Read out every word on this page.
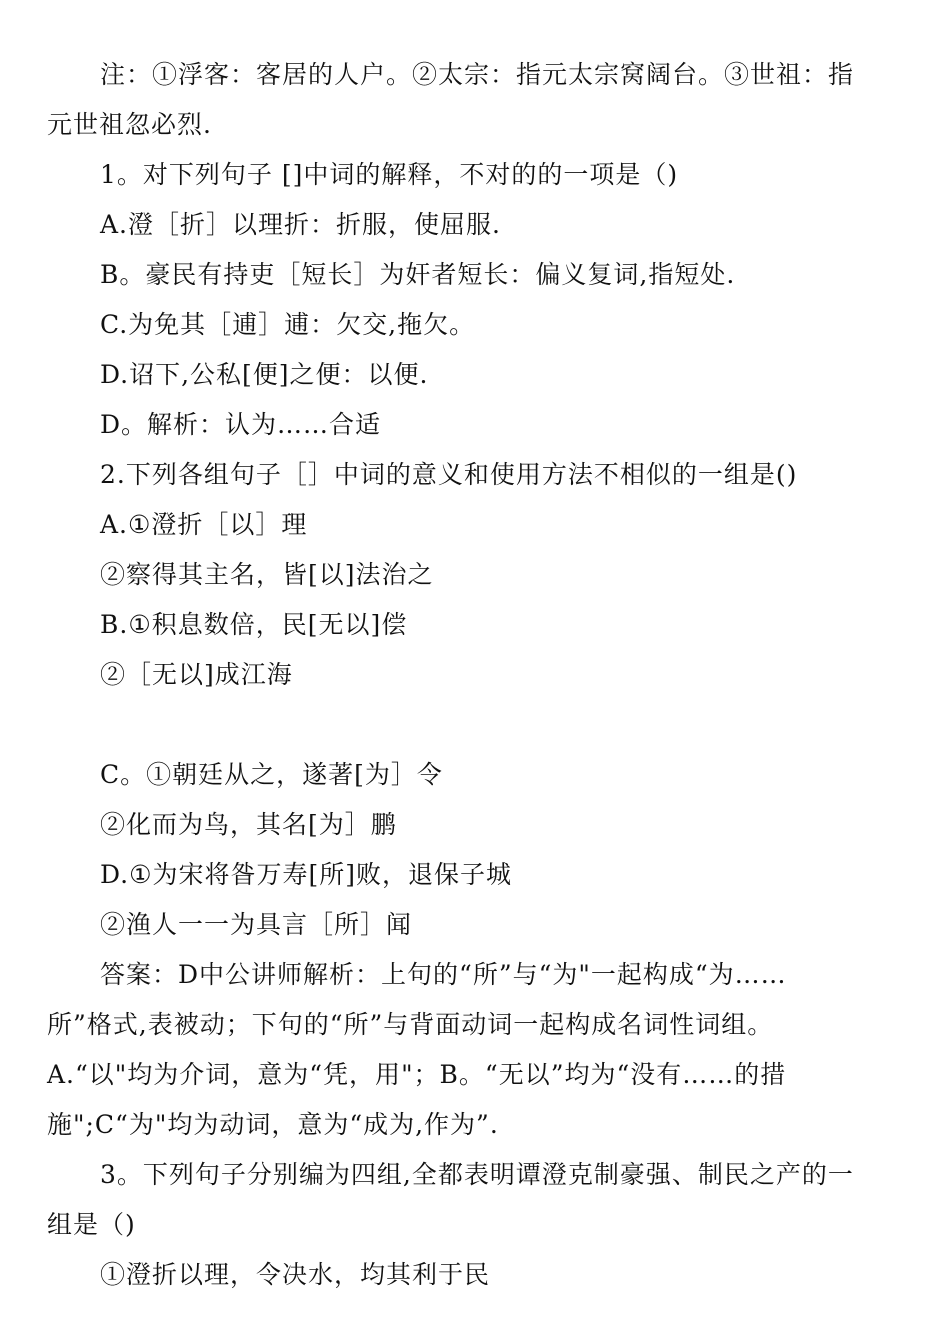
注：①浮客：客居的人户。②太宗：指元太宗窝阔台。③世祖：指
元世祖忽必烈.
1。对下列句子 []中词的解释，不对的的一项是（)
A.澄［折］以理折：折服，使屈服.
B。豪民有持吏［短长］为奸者短长：偏义复词,指短处.
C.为免其［逋］逋：欠交,拖欠。
D.诏下,公私[便]之便：以便.
D。解析：认为……合适
2.下列各组句子［］中词的意义和使用方法不相似的一组是()
A.①澄折［以］理
②察得其主名，皆[以]法治之
B.①积息数倍，民[无以]偿
②［无以]成江海
C。①朝廷从之，遂著[为］令
②化而为鸟，其名[为］鹏
D.①为宋将昝万寿[所]败，退保子城
②渔人一一为具言［所］闻
答案：D中公讲师解析：上句的“所”与“为"一起构成“为……
所”格式,表被动；下句的“所”与背面动词一起构成名词性词组。
A.“以"均为介词，意为“凭，用"；B。“无以”均为“没有……的措
施";C“为"均为动词，意为“成为,作为”.
3。下列句子分别编为四组,全都表明谭澄克制豪强、制民之产的一
组是（)
①澄折以理，令决水，均其利于民
